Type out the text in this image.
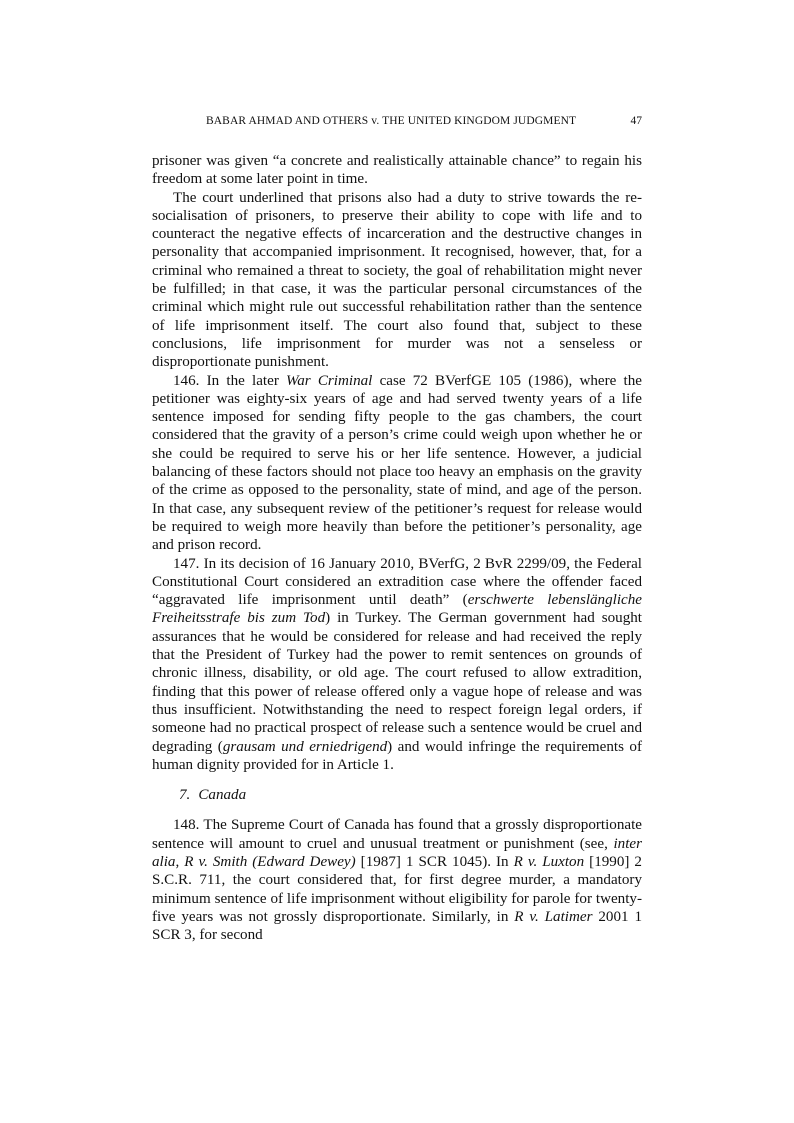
BABAR AHMAD AND OTHERS v. THE UNITED KINGDOM JUDGMENT	47

prisoner was given “a concrete and realistically attainable chance” to regain his freedom at some later point in time.

The court underlined that prisons also had a duty to strive towards the re-socialisation of prisoners, to preserve their ability to cope with life and to counteract the negative effects of incarceration and the destructive changes in personality that accompanied imprisonment. It recognised, however, that, for a criminal who remained a threat to society, the goal of rehabilitation might never be fulfilled; in that case, it was the particular personal circumstances of the criminal which might rule out successful rehabilitation rather than the sentence of life imprisonment itself. The court also found that, subject to these conclusions, life imprisonment for murder was not a senseless or disproportionate punishment.

146. In the later War Criminal case 72 BVerfGE 105 (1986), where the petitioner was eighty-six years of age and had served twenty years of a life sentence imposed for sending fifty people to the gas chambers, the court considered that the gravity of a person’s crime could weigh upon whether he or she could be required to serve his or her life sentence. However, a judicial balancing of these factors should not place too heavy an emphasis on the gravity of the crime as opposed to the personality, state of mind, and age of the person. In that case, any subsequent review of the petitioner’s request for release would be required to weigh more heavily than before the petitioner’s personality, age and prison record.

147. In its decision of 16 January 2010, BVerfG, 2 BvR 2299/09, the Federal Constitutional Court considered an extradition case where the offender faced “aggravated life imprisonment until death” (erschwerte lebenslängliche Freiheitsstrafe bis zum Tod) in Turkey. The German government had sought assurances that he would be considered for release and had received the reply that the President of Turkey had the power to remit sentences on grounds of chronic illness, disability, or old age. The court refused to allow extradition, finding that this power of release offered only a vague hope of release and was thus insufficient. Notwithstanding the need to respect foreign legal orders, if someone had no practical prospect of release such a sentence would be cruel and degrading (grausam und erniedrigend) and would infringe the requirements of human dignity provided for in Article 1.

7. Canada

148. The Supreme Court of Canada has found that a grossly disproportionate sentence will amount to cruel and unusual treatment or punishment (see, inter alia, R v. Smith (Edward Dewey) [1987] 1 SCR 1045). In R v. Luxton [1990] 2 S.C.R. 711, the court considered that, for first degree murder, a mandatory minimum sentence of life imprisonment without eligibility for parole for twenty-five years was not grossly disproportionate. Similarly, in R v. Latimer 2001 1 SCR 3, for second
